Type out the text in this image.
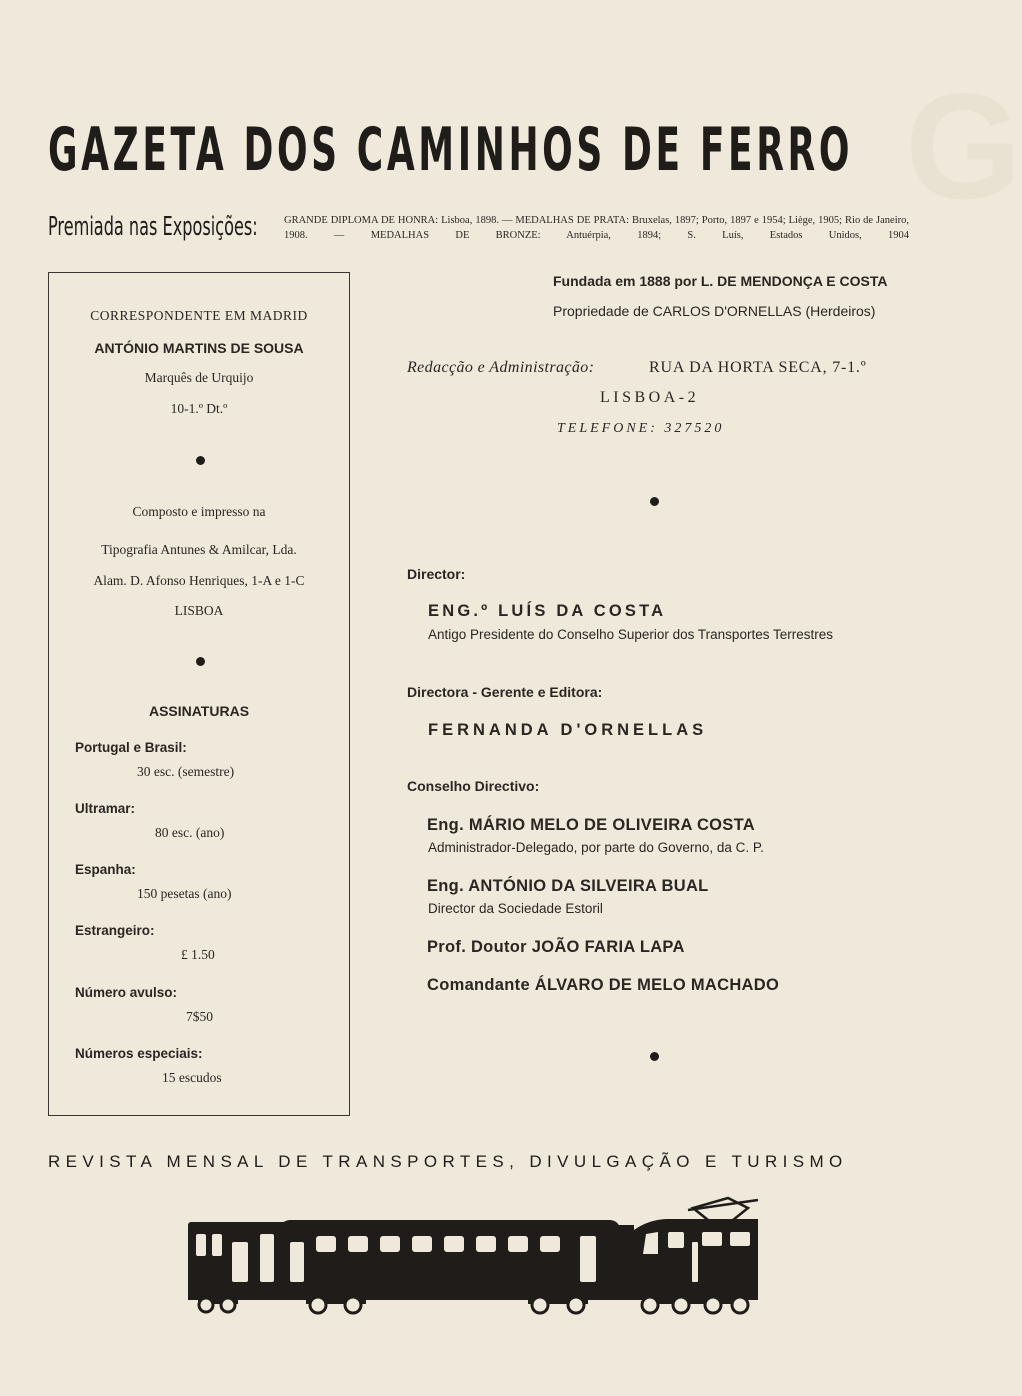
G
GAZETA DOS CAMINHOS DE FERRO
Premiada nas Exposições:	GRANDE DIPLOMA DE HONRA: Lisboa, 1898. — MEDALHAS DE PRATA: Bruxelas, 1897; Porto, 1897 e 1954; Liège, 1905; Rio de Janeiro, 1908. — MEDALHAS DE BRONZE: Antuérpia, 1894; S. Luís, Estados Unidos, 1904
CORRESPONDENTE EM MADRID
ANTÓNIO MARTINS DE SOUSA
Marquês de Urquijo
10-1.º Dt.º
Composto e impresso na
Tipografia Antunes & Amilcar, Lda.
Alam. D. Afonso Henriques, 1-A e 1-C
LISBOA
ASSINATURAS
Portugal e Brasil:
30 esc. (semestre)
Ultramar:
80 esc. (ano)
Espanha:
150 pesetas (ano)
Estrangeiro:
£ 1.50
Número avulso:
7$50
Números especiais:
15 escudos
Fundada em 1888 por L. DE MENDONÇA E COSTA
Propriedade de CARLOS D'ORNELLAS (Herdeiros)
Redacção e Administração:	RUA DA HORTA SECA, 7-1.º
LISBOA-2
TELEFONE: 327520
Director:
ENG.º LUÍS DA COSTA
Antigo Presidente do Conselho Superior dos Transportes Terrestres
Directora - Gerente e Editora:
FERNANDA D'ORNELLAS
Conselho Directivo:
Eng. MÁRIO MELO DE OLIVEIRA COSTA
Administrador-Delegado, por parte do Governo, da C. P.
Eng. ANTÓNIO DA SILVEIRA BUAL
Director da Sociedade Estoril
Prof. Doutor JOÃO FARIA LAPA
Comandante ÁLVARO DE MELO MACHADO
REVISTA MENSAL DE TRANSPORTES, DIVULGAÇÃO E TURISMO
